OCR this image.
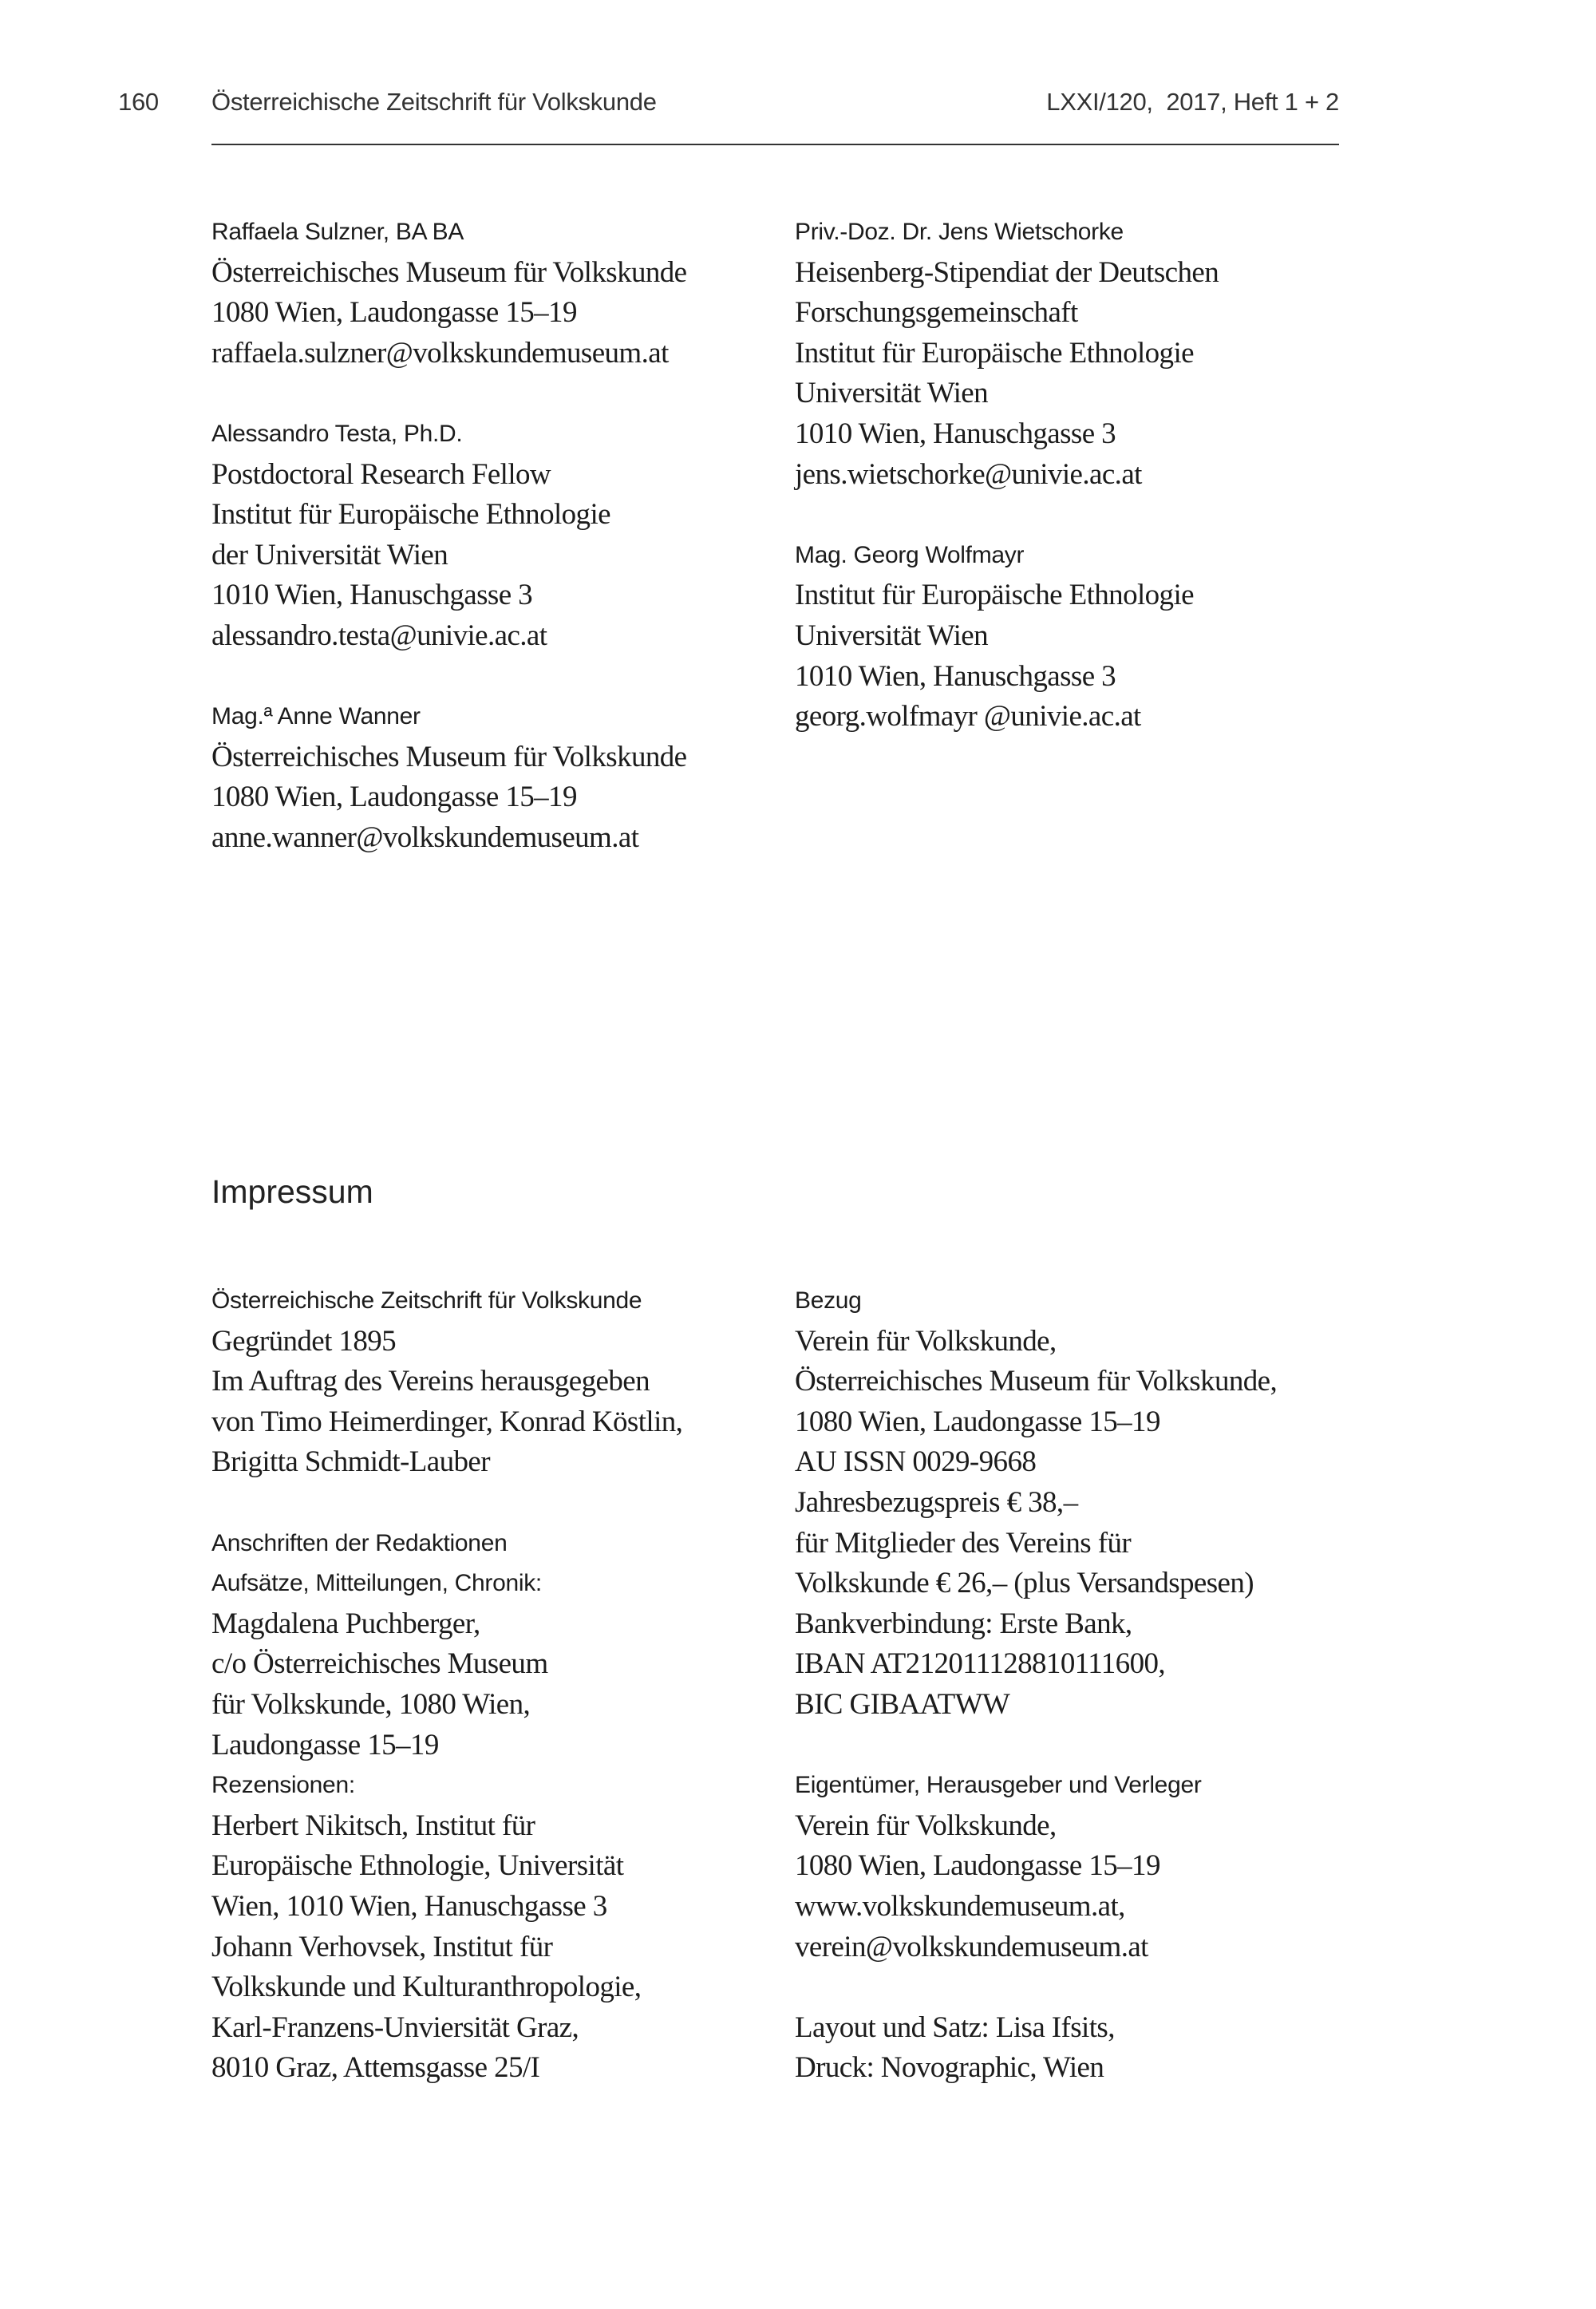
160 Österreichische Zeitschrift für Volkskunde	LXXI/120,  2017, Heft 1 + 2
Raffaela Sulzner, BA BA
Österreichisches Museum für Volkskunde
1080 Wien, Laudongasse 15–19
raffaela.sulzner@volkskundemuseum.at
Alessandro Testa, Ph.D.
Postdoctoral Research Fellow
Institut für Europäische Ethnologie
der Universität Wien
1010 Wien, Hanuschgasse 3
alessandro.testa@univie.ac.at
Mag.ª Anne Wanner
Österreichisches Museum für Volkskunde
1080 Wien, Laudongasse 15–19
anne.wanner@volkskundemuseum.at
Priv.-Doz. Dr. Jens Wietschorke
Heisenberg-Stipendiat der Deutschen
Forschungsgemeinschaft
Institut für Europäische Ethnologie
Universität Wien
1010 Wien, Hanuschgasse 3
jens.wietschorke@univie.ac.at
Mag. Georg Wolfmayr
Institut für Europäische Ethnologie
Universität Wien
1010 Wien, Hanuschgasse 3
georg.wolfmayr @univie.ac.at
Impressum
Österreichische Zeitschrift für Volkskunde
Gegründet 1895
Im Auftrag des Vereins herausgegeben
von Timo Heimerdinger, Konrad Köstlin,
Brigitta Schmidt-Lauber
Anschriften der Redaktionen
Aufsätze, Mitteilungen, Chronik:
Magdalena Puchberger,
c/o Österreichisches Museum
für Volkskunde, 1080 Wien,
Laudongasse 15–19
Rezensionen:
Herbert Nikitsch, Institut für
Europäische Ethnologie, Universität
Wien, 1010 Wien, Hanuschgasse 3
Johann Verhovsek, Institut für
Volkskunde und Kulturanthropologie,
Karl-Franzens-Unviersität Graz,
8010 Graz, Attemsgasse 25/I
Bezug
Verein für Volkskunde,
Österreichisches Museum für Volkskunde,
1080 Wien, Laudongasse 15–19
AU ISSN 0029-9668
Jahresbezugspreis € 38,–
für Mitglieder des Vereins für
Volkskunde € 26,– (plus Versandspesen)
Bankverbindung: Erste Bank,
IBAN AT212011128810111600,
BIC GIBAATWW
Eigentümer, Herausgeber und Verleger
Verein für Volkskunde,
1080 Wien, Laudongasse 15–19
www.volkskundemuseum.at,
verein@volkskundemuseum.at
Layout und Satz: Lisa Ifsits,
Druck: Novographic, Wien
